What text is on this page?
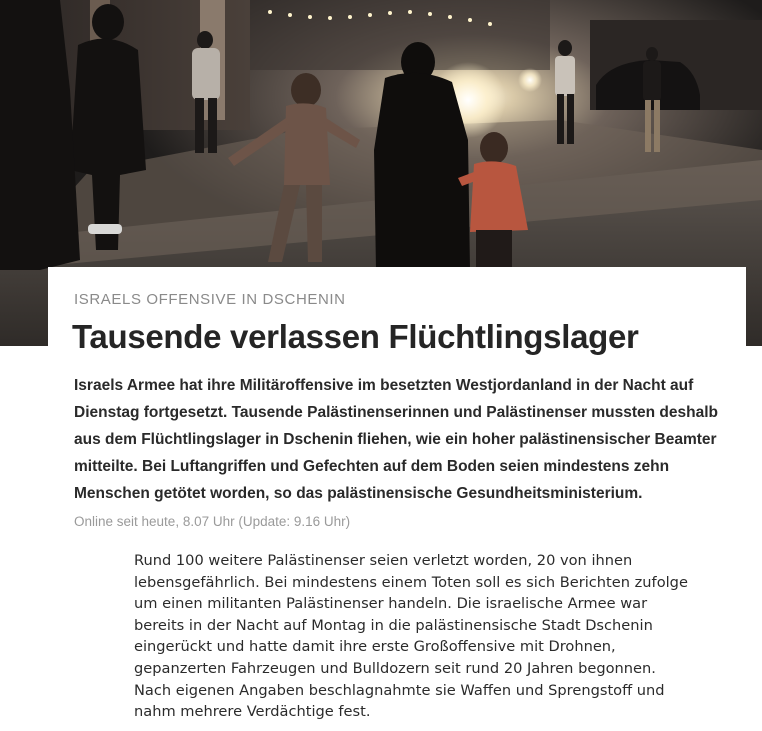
ISRAELS OFFENSIVE IN DSCHENIN
Tausende verlassen Flüchtlingslager

Israels Armee hat ihre Militäroffensive im besetzten Westjordanland in der Nacht auf Dienstag fortgesetzt. Tausende Palästinenserinnen und Palästinenser mussten deshalb aus dem Flüchtlingslager in Dschenin fliehen, wie ein hoher palästinensischer Beamter mitteilte. Bei Luftangriffen und Gefechten auf dem Boden seien mindestens zehn Menschen getötet worden, so das palästinensische Gesundheitsministerium.

Online seit heute, 8.07 Uhr (Update: 9.16 Uhr)

Rund 100 weitere Palästinenser seien verletzt worden, 20 von ihnen lebensgefährlich. Bei mindestens einem Toten soll es sich Berichten zufolge um einen militanten Palästinenser handeln. Die israelische Armee war bereits in der Nacht auf Montag in die palästinensische Stadt Dschenin eingerückt und hatte damit ihre erste Großoffensive mit Drohnen, gepanzerten Fahrzeugen und Bulldozern seit rund 20 Jahren begonnen. Nach eigenen Angaben beschlagnahmte sie Waffen und Sprengstoff und nahm mehrere Verdächtige fest.
